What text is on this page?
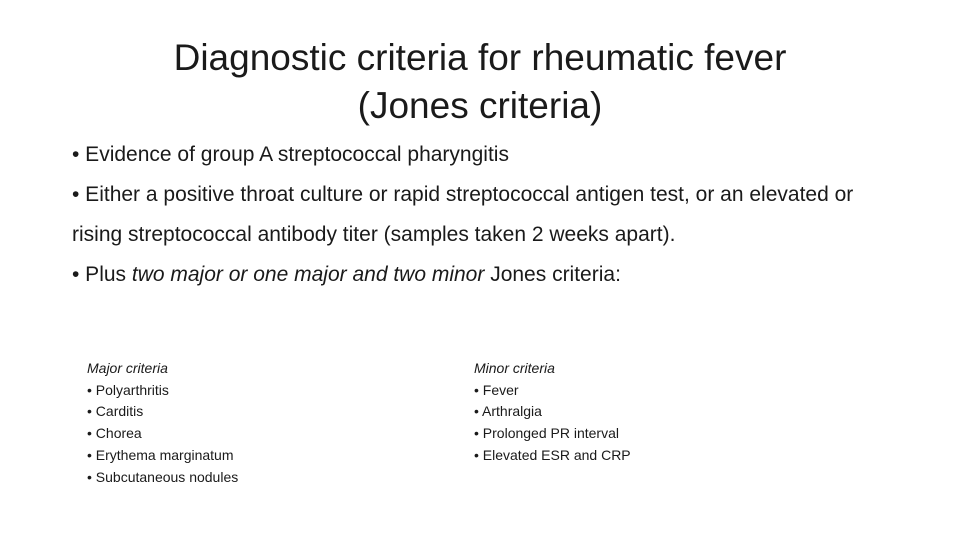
Diagnostic criteria for rheumatic fever
(Jones criteria)

• Evidence of group A streptococcal pharyngitis

• Either a positive throat culture or rapid streptococcal antigen test, or an elevated or rising streptococcal antibody titer (samples taken 2 weeks apart).

• Plus two major or one major and two minor Jones criteria:

Major criteria
• Polyarthritis
• Carditis
• Chorea
• Erythema marginatum
• Subcutaneous nodules
Minor criteria
• Fever
• Arthralgia
• Prolonged PR interval
• Elevated ESR and CRP
